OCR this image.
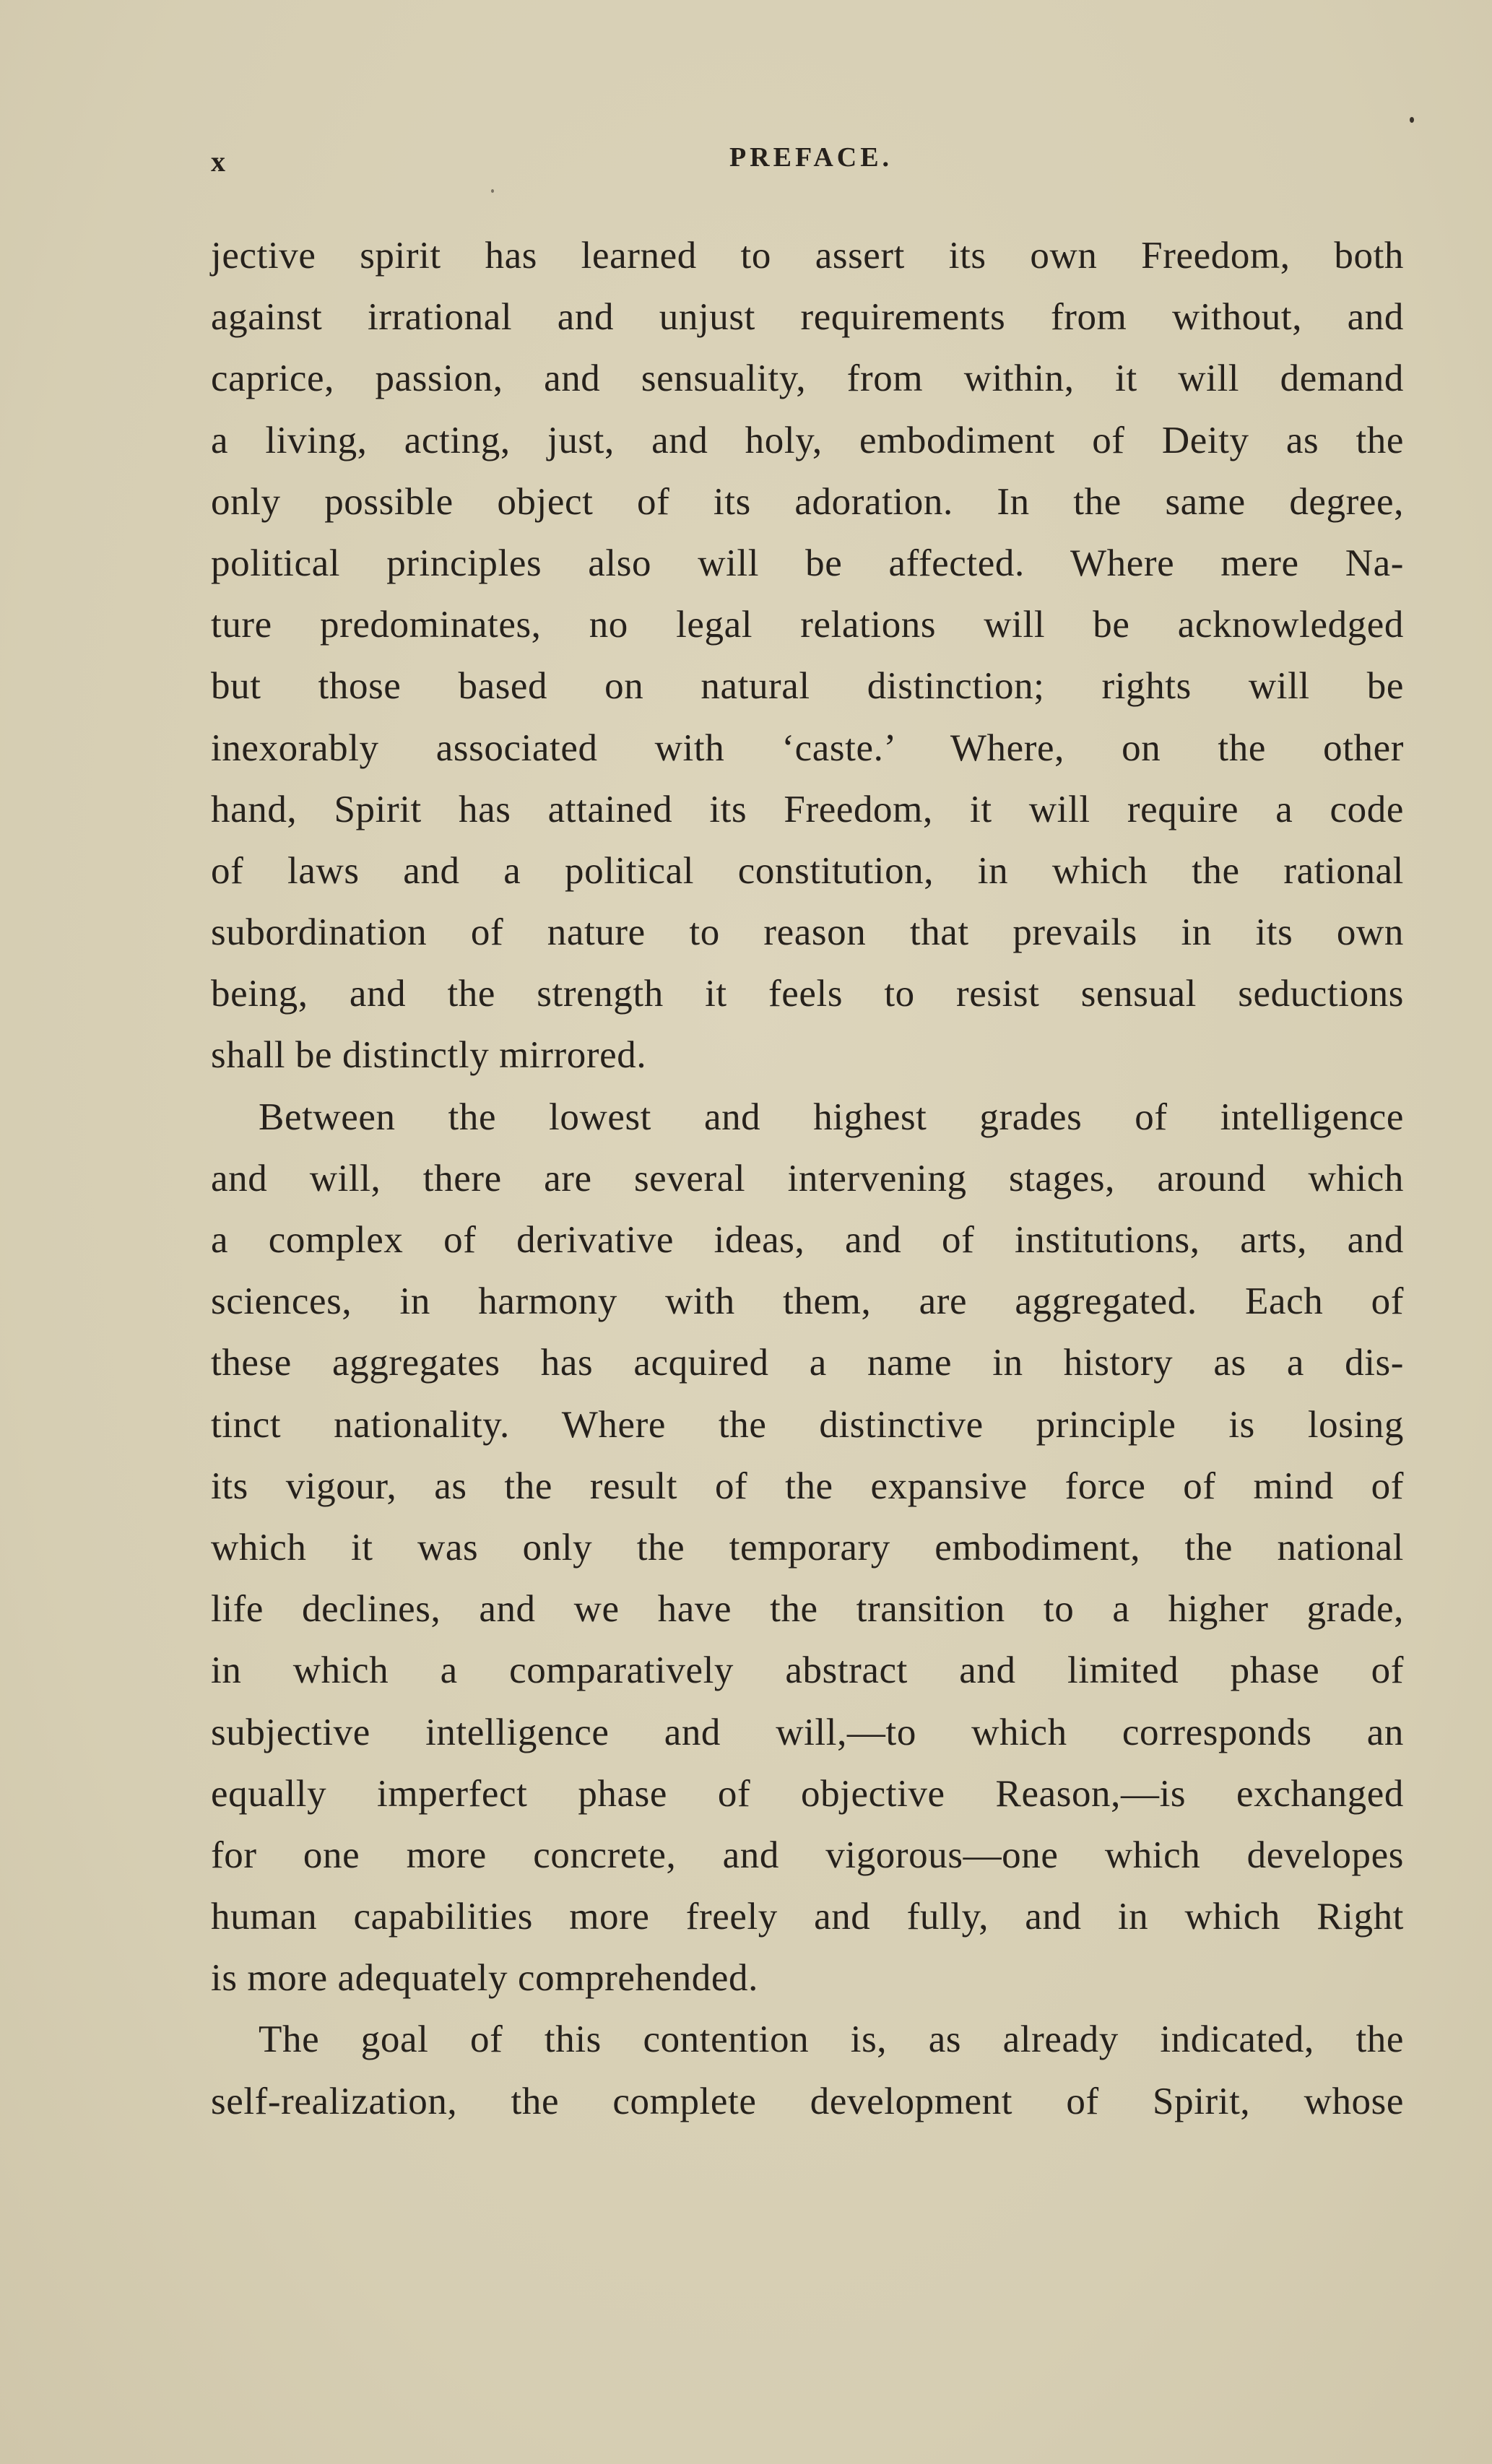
x	PREFACE.
jective spirit has learned to assert its own Freedom, both
against irrational and unjust requirements from without, and
caprice, passion, and sensuality, from within, it will demand
a living, acting, just, and holy, embodiment of Deity as the
only possible object of its adoration. In the same degree,
political principles also will be affected. Where mere Na-
ture predominates, no legal relations will be acknowledged
but those based on natural distinction; rights will be
inexorably associated with ‘caste.’ Where, on the other
hand, Spirit has attained its Freedom, it will require a code
of laws and a political constitution, in which the rational
subordination of nature to reason that prevails in its own
being, and the strength it feels to resist sensual seductions
shall be distinctly mirrored.
Between the lowest and highest grades of intelligence
and will, there are several intervening stages, around which
a complex of derivative ideas, and of institutions, arts, and
sciences, in harmony with them, are aggregated. Each of
these aggregates has acquired a name in history as a dis-
tinct nationality. Where the distinctive principle is losing
its vigour, as the result of the expansive force of mind of
which it was only the temporary embodiment, the national
life declines, and we have the transition to a higher grade,
in which a comparatively abstract and limited phase of
subjective intelligence and will,—to which corresponds an
equally imperfect phase of objective Reason,—is exchanged
for one more concrete, and vigorous—one which developes
human capabilities more freely and fully, and in which Right
is more adequately comprehended.
The goal of this contention is, as already indicated, the
self-realization, the complete development of Spirit, whose
